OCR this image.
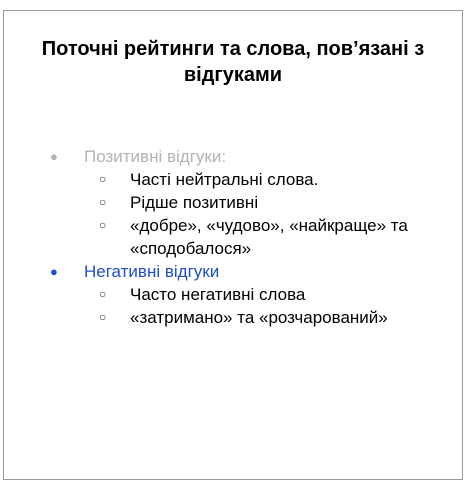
Поточні рейтинги та слова, пов’язані з відгуками
● Позитивні відгуки:
○ Часті нейтральні слова.
○ Рідше позитивні
○ «добре», «чудово», «найкраще» та «сподобалося»
● Негативні відгуки
○ Часто негативні слова
○ «затримано» та «розчарований»
